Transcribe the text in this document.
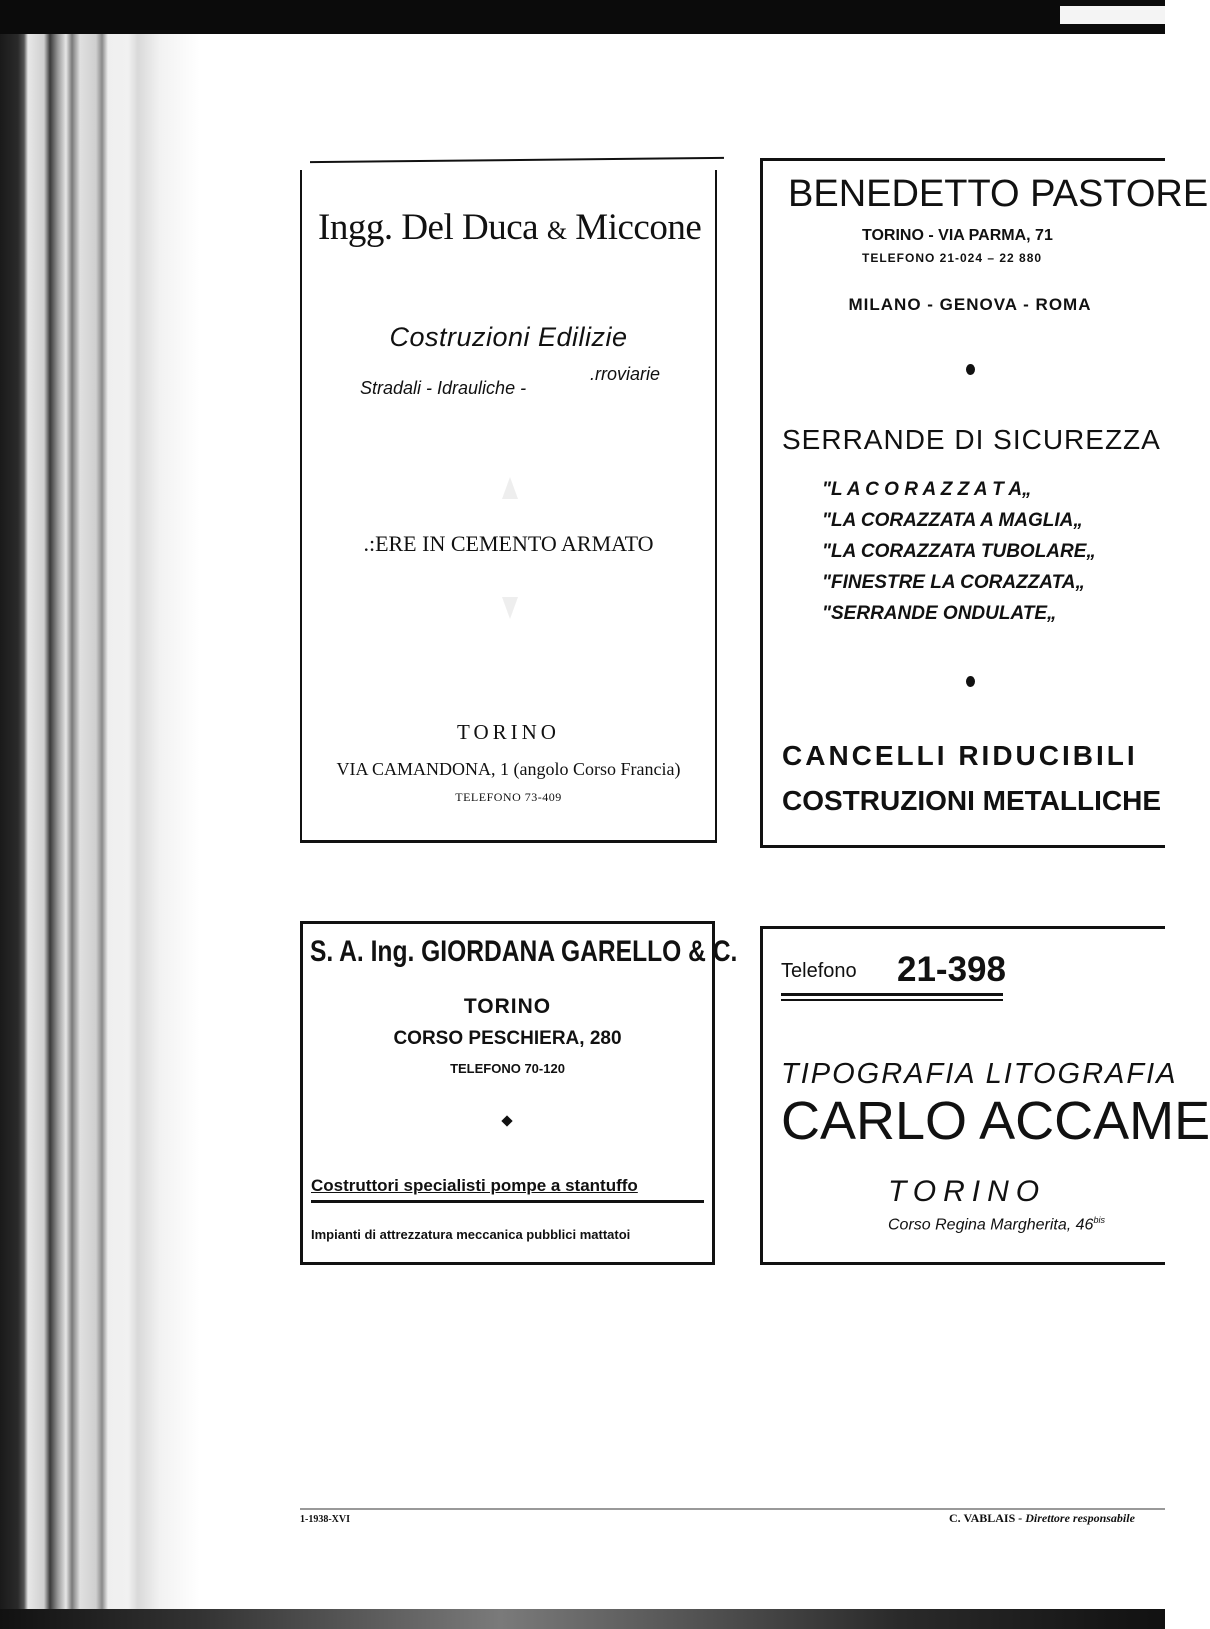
Ingg. Del Duca & Miccone
Costruzioni Edilizie
Stradali - Idrauliche -
.rroviarie
.:ERE IN CEMENTO ARMATO
TORINO
VIA CAMANDONA, 1 (angolo Corso Francia)
TELEFONO 73-409
BENEDETTO PASTORE
TORINO - VIA PARMA, 71
TELEFONO 21-024 – 22 880
MILANO - GENOVA - ROMA
SERRANDE DI SICUREZZA
"L A C O R A Z Z A T A„
"LA CORAZZATA A MAGLIA„
"LA CORAZZATA TUBOLARE„
"FINESTRE LA CORAZZATA„
"SERRANDE ONDULATE„
CANCELLI RIDUCIBILI
COSTRUZIONI METALLICHE
S. A. Ing. GIORDANA GARELLO & C.
TORINO
CORSO PESCHIERA, 280
TELEFONO 70-120
Costruttori specialisti pompe a stantuffo
Impianti di attrezzatura meccanica pubblici mattatoi
Telefono 21-398
TIPOGRAFIA LITOGRAFIA
CARLO ACCAME
TORINO
Corso Regina Margherita, $46^{bis}$
1-1938-XVI	C. VABLAIS - Direttore responsabile
